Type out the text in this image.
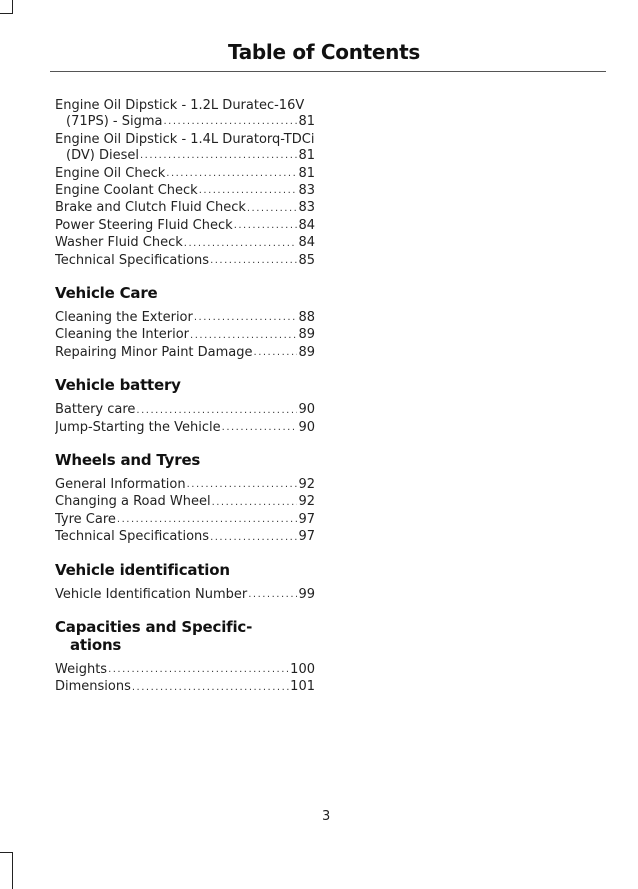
Table of Contents
Engine Oil Dipstick - 1.2L Duratec-16V
(71PS) - Sigma .....	81
Engine Oil Dipstick - 1.4L Duratorq-TDCi
(DV) Diesel .....	81
Engine Oil Check .....	81
Engine Coolant Check .....	83
Brake and Clutch Fluid Check .....	83
Power Steering Fluid Check .....	84
Washer Fluid Check .....	84
Technical Specifications .....	85
Vehicle Care
Cleaning the Exterior .....	88
Cleaning the Interior .....	89
Repairing Minor Paint Damage .....	89
Vehicle battery
Battery care .....	90
Jump-Starting the Vehicle .....	90
Wheels and Tyres
General Information .....	92
Changing a Road Wheel .....	92
Tyre Care .....	97
Technical Specifications .....	97
Vehicle identification
Vehicle Identification Number .....	99
Capacities and Specific-
ations
Weights .....	100
Dimensions .....	101
3
